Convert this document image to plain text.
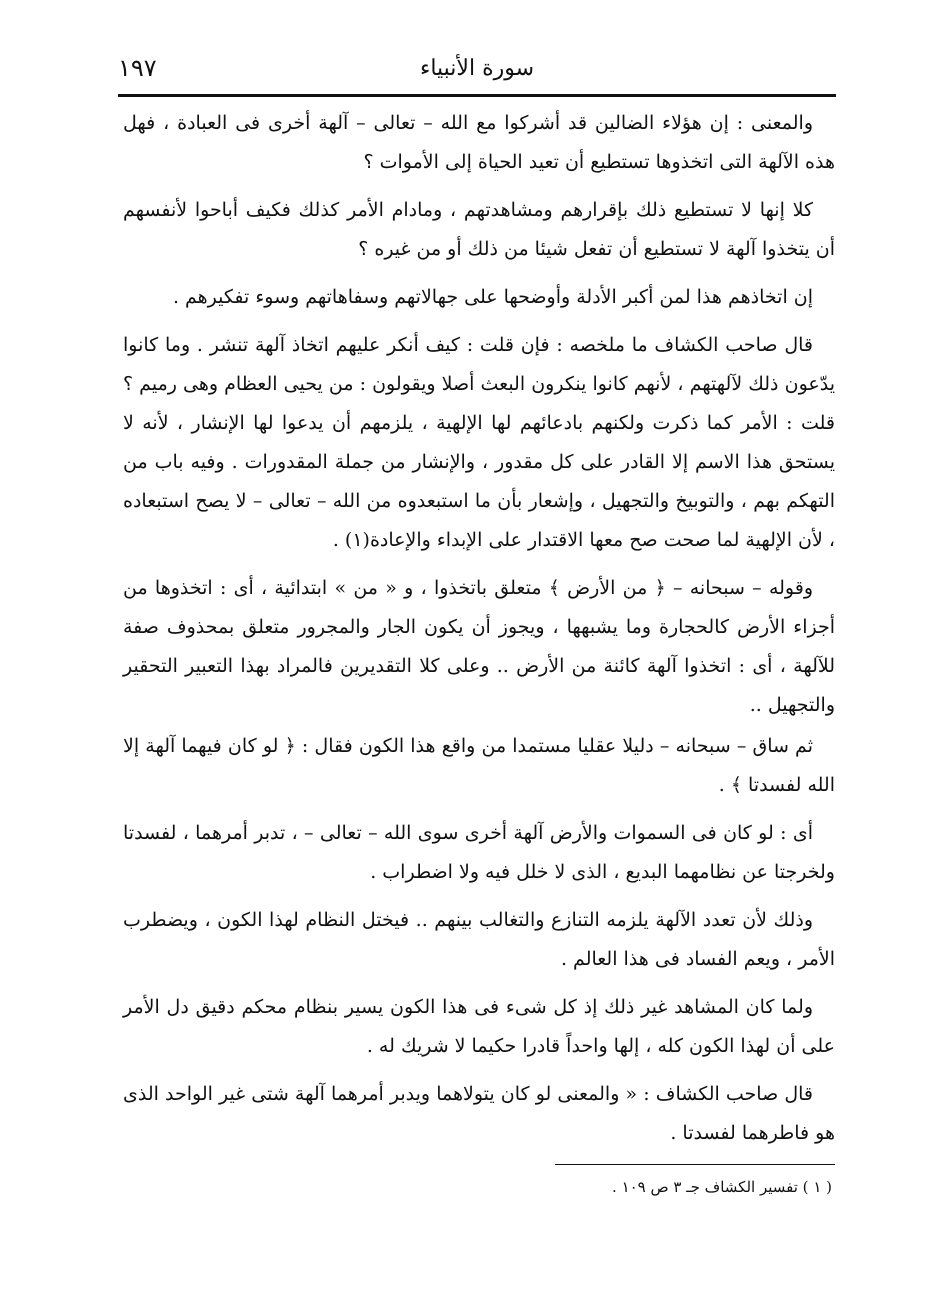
١٩٧	سورة الأنبياء

والمعنى : إن هؤلاء الضالين قد أشركوا مع الله – تعالى – آلهة أخرى فى العبادة ، فهل هذه الآلهة التى اتخذوها تستطيع أن تعيد الحياة إلى الأموات ؟

كلا إنها لا تستطيع ذلك بإقرارهم ومشاهدتهم ، ومادام الأمر كذلك فكيف أباحوا لأنفسهم أن يتخذوا آلهة لا تستطيع أن تفعل شيئا من ذلك أو من غيره ؟

إن اتخاذهم هذا لمن أكبر الأدلة وأوضحها على جهالاتهم وسفاهاتهم وسوء تفكيرهم .

قال صاحب الكشاف ما ملخصه : فإن قلت : كيف أنكر عليهم اتخاذ آلهة تنشر . وما كانوا يدّعون ذلك لآلهتهم ، لأنهم كانوا ينكرون البعث أصلا ويقولون : من يحيى العظام وهى رميم ؟ قلت : الأمر كما ذكرت ولكنهم بادعائهم لها الإلهية ، يلزمهم أن يدعوا لها الإنشار ، لأنه لا يستحق هذا الاسم إلا القادر على كل مقدور ، والإنشار من جملة المقدورات . وفيه باب من التهكم بهم ، والتوبيخ والتجهيل ، وإشعار بأن ما استبعدوه من الله – تعالى – لا يصح استبعاده ، لأن الإلهية لما صحت صح معها الاقتدار على الإبداء والإعادة(١) .

وقوله – سبحانه – ﴿ من الأرض ﴾ متعلق باتخذوا ، و « من » ابتدائية ، أى : اتخذوها من أجزاء الأرض كالحجارة وما يشبهها ، ويجوز أن يكون الجار والمجرور متعلق بمحذوف صفة للآلهة ، أى : اتخذوا آلهة كائنة من الأرض .. وعلى كلا التقديرين فالمراد بهذا التعبير التحقير والتجهيل ..

ثم ساق – سبحانه – دليلا عقليا مستمدا من واقع هذا الكون فقال : ﴿ لو كان فيهما آلهة إلا الله لفسدتا ﴾ .

أى : لو كان فى السموات والأرض آلهة أخرى سوى الله – تعالى – ، تدبر أمرهما ، لفسدتا ولخرجتا عن نظامهما البديع ، الذى لا خلل فيه ولا اضطراب .

وذلك لأن تعدد الآلهة يلزمه التنازع والتغالب بينهم .. فيختل النظام لهذا الكون ، ويضطرب الأمر ، ويعم الفساد فى هذا العالم .

ولما كان المشاهد غير ذلك إذ كل شىء فى هذا الكون يسير بنظام محكم دقيق دل الأمر على أن لهذا الكون كله ، إلها واحداً قادرا حكيما لا شريك له .

قال صاحب الكشاف : « والمعنى لو كان يتولاهما ويدبر أمرهما آلهة شتى غير الواحد الذى هو فاطرهما لفسدتا .

( ١ ) تفسير الكشاف جـ ٣ ص ١٠٩ .
